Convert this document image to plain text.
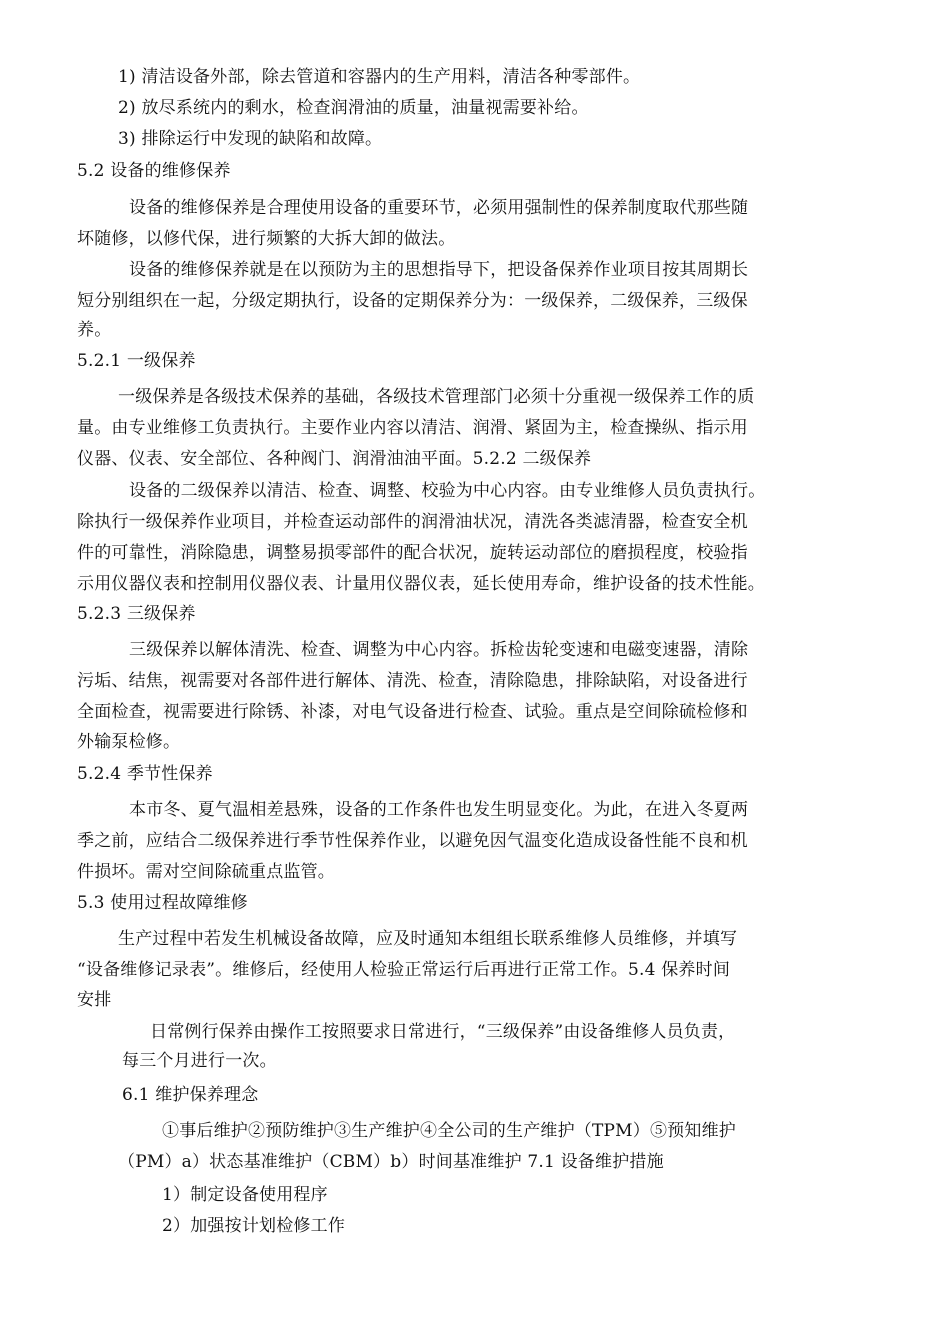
1) 清洁设备外部，除去管道和容器内的生产用料，清洁各种零部件。
2) 放尽系统内的剩水，检查润滑油的质量，油量视需要补给。
3) 排除运行中发现的缺陷和故障。
5.2 设备的维修保养
设备的维修保养是合理使用设备的重要环节，必须用强制性的保养制度取代那些随
坏随修，以修代保，进行频繁的大拆大卸的做法。
设备的维修保养就是在以预防为主的思想指导下，把设备保养作业项目按其周期长
短分别组织在一起，分级定期执行，设备的定期保养分为：一级保养，二级保养，三级保
养。
5.2.1 一级保养
一级保养是各级技术保养的基础，各级技术管理部门必须十分重视一级保养工作的质
量。由专业维修工负责执行。主要作业内容以清洁、润滑、紧固为主，检查操纵、指示用
仪器、仪表、安全部位、各种阀门、润滑油油平面。5.2.2 二级保养
设备的二级保养以清洁、检查、调整、校验为中心内容。由专业维修人员负责执行。
除执行一级保养作业项目，并检查运动部件的润滑油状况，清洗各类滤清器，检查安全机
件的可靠性，消除隐患，调整易损零部件的配合状况，旋转运动部位的磨损程度，校验指
示用仪器仪表和控制用仪器仪表、计量用仪器仪表，延长使用寿命，维护设备的技术性能。
5.2.3 三级保养
三级保养以解体清洗、检查、调整为中心内容。拆检齿轮变速和电磁变速器，清除
污垢、结焦，视需要对各部件进行解体、清洗、检查，清除隐患，排除缺陷，对设备进行
全面检查，视需要进行除锈、补漆，对电气设备进行检查、试验。重点是空间除硫检修和
外输泵检修。
5.2.4 季节性保养
本市冬、夏气温相差悬殊，设备的工作条件也发生明显变化。为此，在进入冬夏两
季之前，应结合二级保养进行季节性保养作业，以避免因气温变化造成设备性能不良和机
件损坏。需对空间除硫重点监管。
5.3 使用过程故障维修
生产过程中若发生机械设备故障，应及时通知本组组长联系维修人员维修，并填写
“设备维修记录表”。维修后，经使用人检验正常运行后再进行正常工作。5.4 保养时间
安排
日常例行保养由操作工按照要求日常进行，“三级保养”由设备维修人员负责，
每三个月进行一次。
6.1 维护保养理念
①事后维护②预防维护③生产维护④全公司的生产维护（TPM）⑤预知维护
（PM）a）状态基准维护（CBM）b）时间基准维护 7.1 设备维护措施
1）制定设备使用程序
2）加强按计划检修工作
